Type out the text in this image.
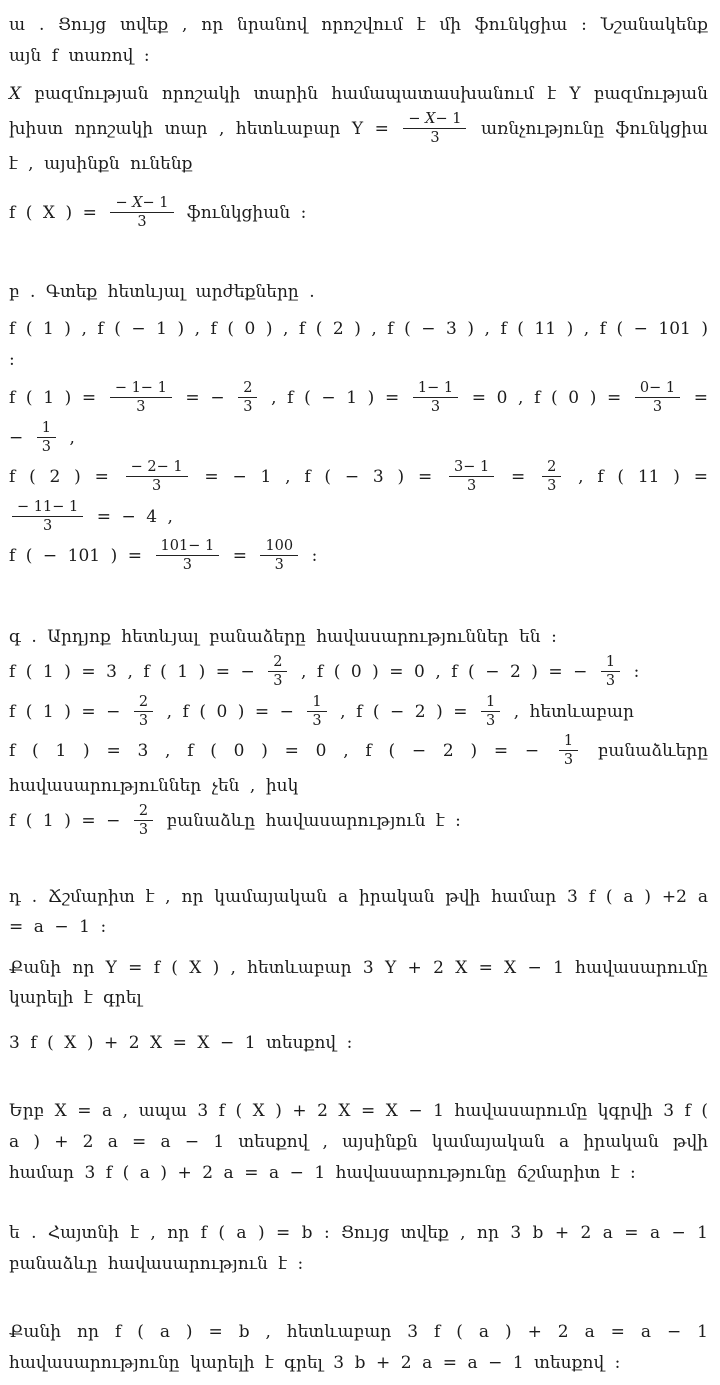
ա . Ցույց տվեք , որ նրանով որոշվում է մի ֆունկցիա : Նշանակենք այն f տառով :

X բազմության որոշակի տարին համապատասխանում է Y բազմության խիստ որոշակի տար , հետևաբար $Y = \frac{- X- 1}{3}$ առնչությունը ֆունկցիա է , այսինքն ունենք

f ( X ) = $\frac{- X- 1}{3}$ ֆունկցիան :

բ . Գտեք հետևյալ արժեքները .

f ( 1 ) , f ( − 1 ) , f ( 0 ) , f ( 2 ) , f ( − 3 ) , f ( 11 ) , f ( − 101 ) :

f ( 1 ) = $\frac{- 1- 1}{3}$ = − $\frac{2}{3}$ , f ( − 1 ) = $\frac{1- 1}{3} = 0$ , f ( 0 ) = $\frac{0- 1}{3}$ = − $\frac{1}{3}$ ,

f ( 2 ) = $\frac{- 2- 1}{3}$ = − 1 , f ( − 3 ) = $\frac{3- 1}{3} = \frac{2}{3}$ , f ( 11 ) =
$\frac{- 11- 1}{3}$ = − 4 ,

f ( − 101 ) = $\frac{101- 1}{3} = \frac{100}{3}$ :

գ . Արդյոք հետևյալ բանաձերը հավասարություններ են :

f ( 1 ) = 3 , f ( 1 ) = − $\frac{2}{3}$ , f ( 0 ) = 0 , f ( − 2 ) = − $\frac{1}{3}$ :

f ( 1 ) = − $\frac{2}{3}$ , f ( 0 ) = − $\frac{1}{3}$ , f ( − 2 ) = $\frac{1}{3}$ , հետևաբար

f ( 1 ) = 3 , f ( 0 ) = 0 , f ( − 2 ) = − $\frac{1}{3}$ բանաձևերը հավասարություններ չեն , իսկ

f ( 1 ) = − $\frac{2}{3}$ բանաձևը հավասարություն է :

դ . Ճշմարիտ է , որ կամայական a իրական թվի համար 3 f ( a ) +2 a = a − 1 :

Քանի որ Y = f ( X ) , հետևաբար 3 Y + 2 X = X − 1 հավասարումը կարելի է գրել

3 f ( X ) + 2 X = X − 1 տեսքով :

Երբ X = a , ապա 3 f ( X ) + 2 X = X − 1 հավասարումը կգրվի 3 f ( a ) + 2 a = a − 1 տեսքով , այսինքն կամայական a իրական թվի համար 3 f ( a ) + 2 a = a − 1 հավասարությունը ճշմարիտ է :

ե . Հայտնի է , որ f ( a ) = b : Ցույց տվեք , որ 3 b + 2 a = a − 1 բանաձևը հավասարություն է :

Քանի որ f ( a ) = b , հետևաբար 3 f ( a ) + 2 a = a − 1 հավասարությունը կարելի է գրել 3 b + 2 a = a − 1 տեսքով :
